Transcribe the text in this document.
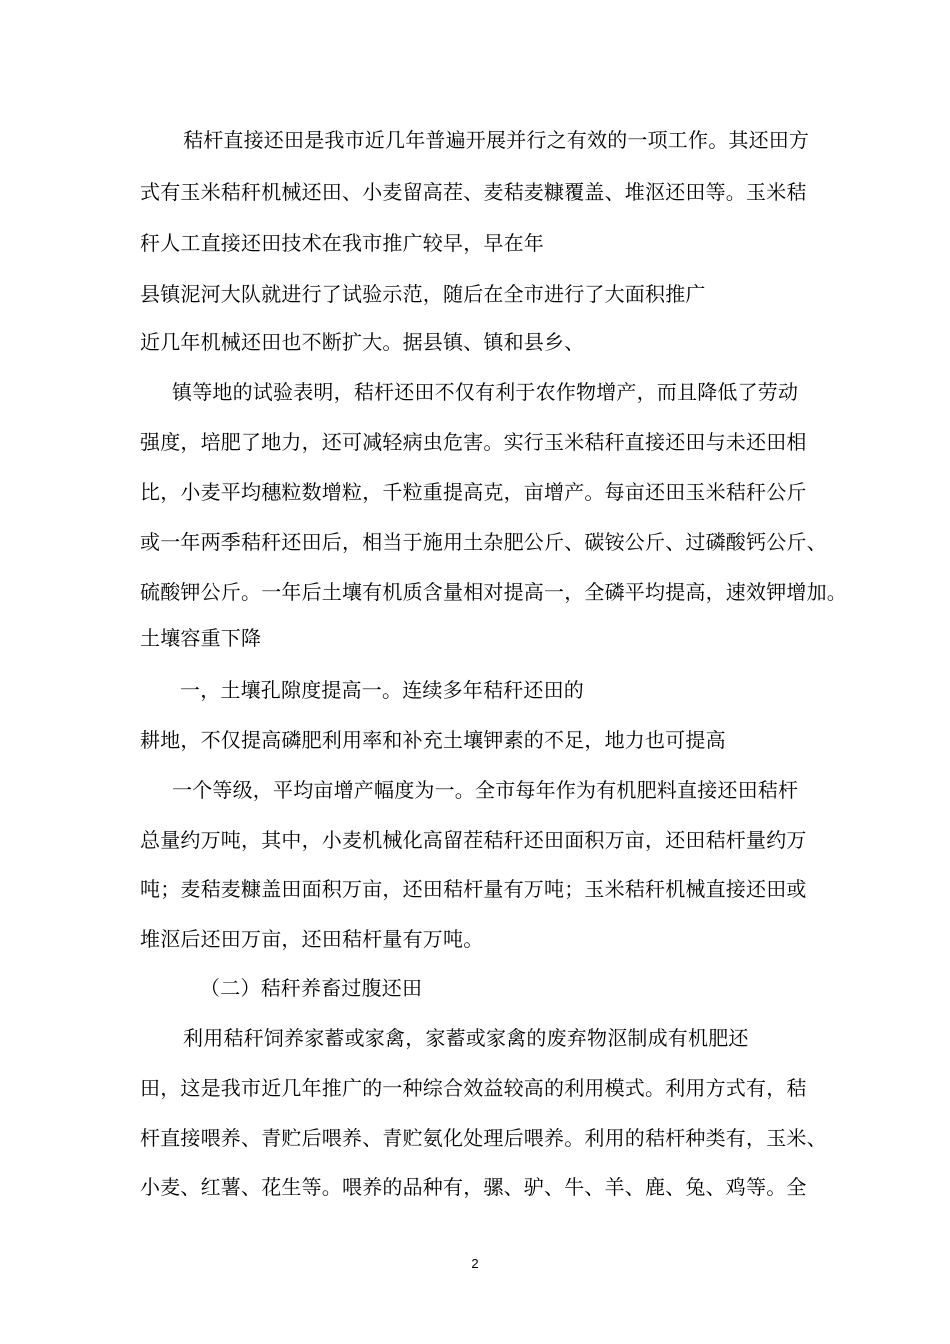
秸杆直接还田是我市近几年普遍开展并行之有效的一项工作。其还田方
式有玉米秸秆机械还田、小麦留高茬、麦秸麦糠覆盖、堆沤还田等。玉米秸
秆人工直接还田技术在我市推广较早，早在年
县镇泥河大队就进行了试验示范，随后在全市进行了大面积推广
近几年机械还田也不断扩大。据县镇、镇和县乡、
镇等地的试验表明，秸杆还田不仅有利于农作物增产，而且降低了劳动
强度，培肥了地力，还可减轻病虫危害。实行玉米秸秆直接还田与未还田相
比，小麦平均穗粒数增粒，千粒重提高克，亩增产。每亩还田玉米秸秆公斤
或一年两季秸秆还田后，相当于施用土杂肥公斤、碳铵公斤、过磷酸钙公斤、
硫酸钾公斤。一年后土壤有机质含量相对提高一，全磷平均提高，速效钾增加。
土壤容重下降
一，土壤孔隙度提高一。连续多年秸秆还田的
耕地，不仅提高磷肥利用率和补充土壤钾素的不足，地力也可提高
一个等级，平均亩增产幅度为一。全市每年作为有机肥料直接还田秸杆
总量约万吨，其中，小麦机械化高留茬秸秆还田面积万亩，还田秸杆量约万
吨；麦秸麦糠盖田面积万亩，还田秸杆量有万吨；玉米秸秆机械直接还田或
堆沤后还田万亩，还田秸杆量有万吨。
（二）秸秆养畜过腹还田
利用秸秆饲养家蓄或家禽，家蓄或家禽的废弃物沤制成有机肥还
田，这是我市近几年推广的一种综合效益较高的利用模式。利用方式有，秸
杆直接喂养、青贮后喂养、青贮氨化处理后喂养。利用的秸杆种类有，玉米、
小麦、红薯、花生等。喂养的品种有，骡、驴、牛、羊、鹿、兔、鸡等。全
2
